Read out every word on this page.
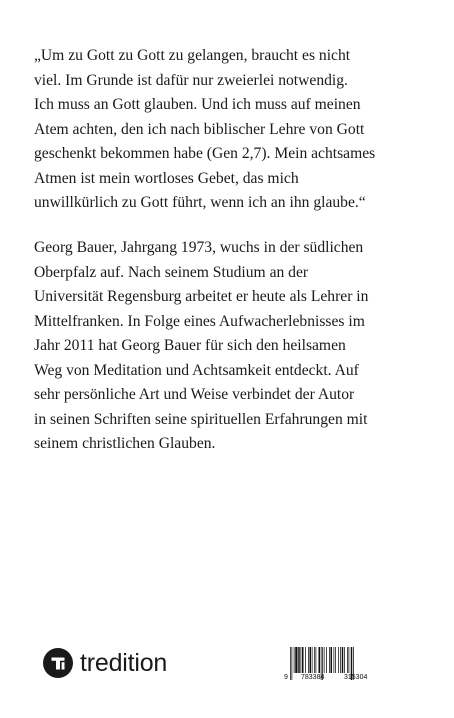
„Um zu Gott zu Gott zu gelangen, braucht es nicht
viel. Im Grunde ist dafür nur zweierlei notwendig.
Ich muss an Gott glauben. Und ich muss auf meinen
Atem achten, den ich nach biblischer Lehre von Gott
geschenkt bekommen habe (Gen 2,7). Mein achtsames
Atmen ist mein wortloses Gebet, das mich
unwillkürlich zu Gott führt, wenn ich an ihn glaube.“

Georg Bauer, Jahrgang 1973, wuchs in der südlichen
Oberpfalz auf. Nach seinem Studium an der
Universität Regensburg arbeitet er heute als Lehrer in
Mittelfranken. In Folge eines Aufwacherlebnisses im
Jahr 2011 hat Georg Bauer für sich den heilsamen
Weg von Meditation und Achtsamkeit entdeckt. Auf
sehr persönliche Art und Weise verbindet der Autor
in seinen Schriften seine spirituellen Erfahrungen mit
seinem christlichen Glauben.

tredition
9 783384	315304
